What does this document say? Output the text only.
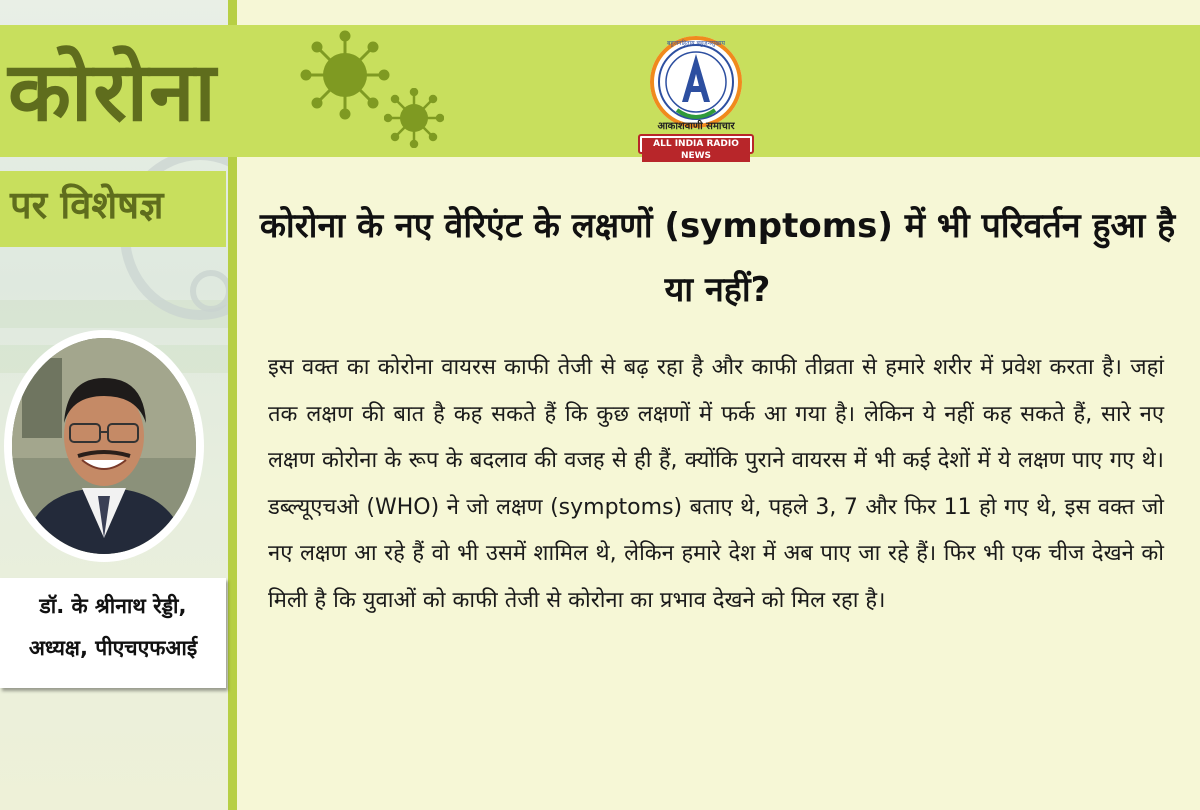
कोरोना
पर विशेषज्ञ
बहुजनहिताय बहुजनसुखाय
आकाशवाणी समाचार
ALL INDIA RADIO NEWS
डॉ. के श्रीनाथ रेड्डी,
अध्यक्ष, पीएचएफआई
कोरोना के नए वेरिएंट के लक्षणों (symptoms) में भी परिवर्तन हुआ है या नहीं?

इस वक्त का कोरोना वायरस काफी तेजी से बढ़ रहा है और काफी तीव्रता से हमारे शरीर में प्रवेश करता है। जहां तक लक्षण की बात है कह सकते हैं कि कुछ लक्षणों में फर्क आ गया है। लेकिन ये नहीं कह सकते हैं, सारे नए लक्षण कोरोना के रूप के बदलाव की वजह से ही हैं, क्योंकि पुराने वायरस में भी कई देशों में ये लक्षण पाए गए थे। डब्ल्यूएचओ (WHO) ने जो लक्षण (symptoms) बताए थे, पहले 3, 7 और फिर 11 हो गए थे, इस वक्त जो नए लक्षण आ रहे हैं वो भी उसमें शामिल थे, लेकिन हमारे देश में अब पाए जा रहे हैं। फिर भी एक चीज देखने को मिली है कि युवाओं को काफी तेजी से कोरोना का प्रभाव देखने को मिल रहा है।
